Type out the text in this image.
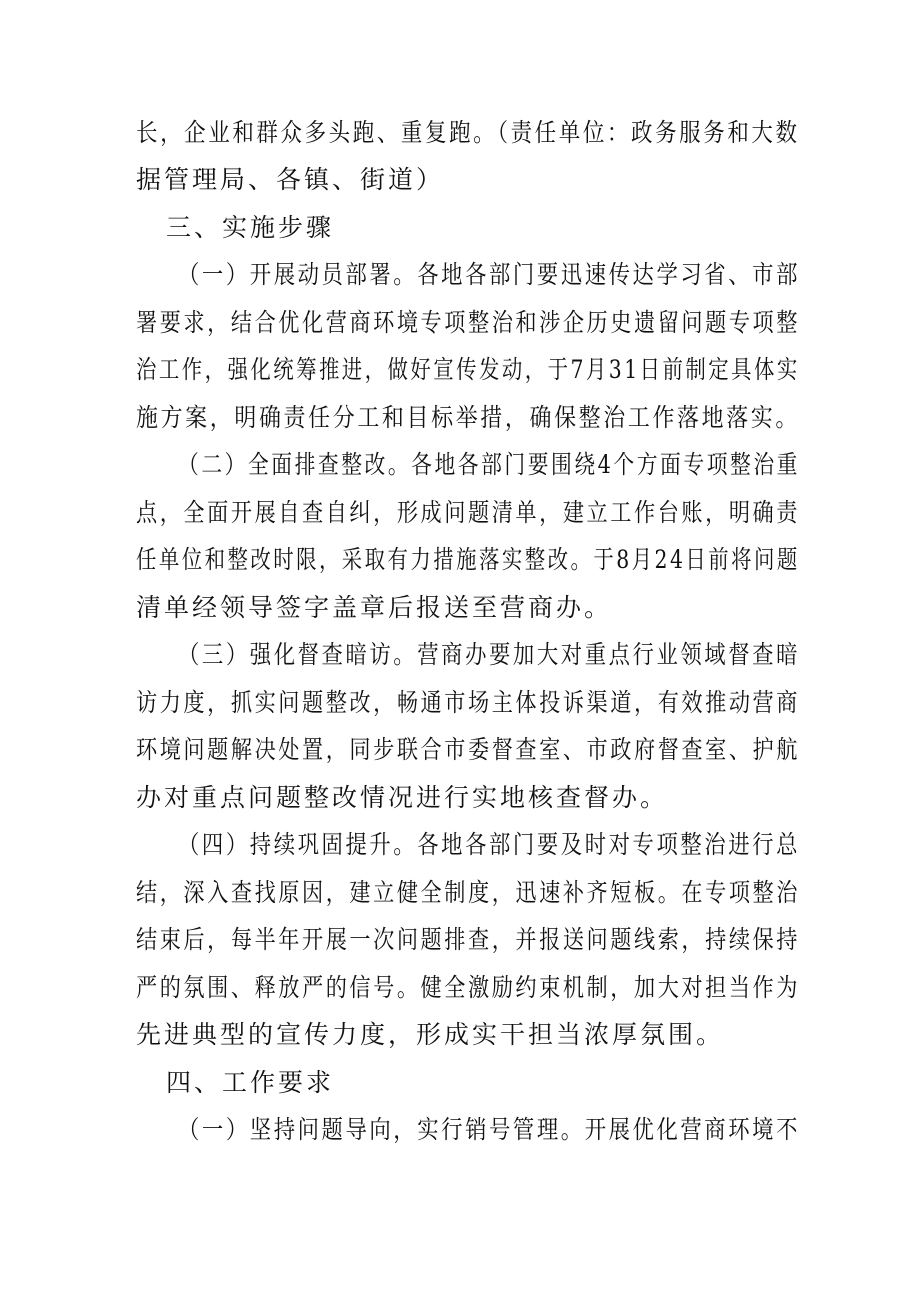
长，企业和群众多头跑、重复跑。（责任单位：政务服务和大数
据管理局、各镇、街道）
三、实施步骤
（一）开展动员部署。各地各部门要迅速传达学习省、市部
署要求，结合优化营商环境专项整治和涉企历史遗留问题专项整
治工作，强化统筹推进，做好宣传发动，于7月31日前制定具体实
施方案，明确责任分工和目标举措，确保整治工作落地落实。
（二）全面排查整改。各地各部门要围绕4个方面专项整治重
点，全面开展自查自纠，形成问题清单，建立工作台账，明确责
任单位和整改时限，采取有力措施落实整改。于8月24日前将问题
清单经领导签字盖章后报送至营商办。
（三）强化督查暗访。营商办要加大对重点行业领域督查暗
访力度，抓实问题整改，畅通市场主体投诉渠道，有效推动营商
环境问题解决处置，同步联合市委督查室、市政府督查室、护航
办对重点问题整改情况进行实地核查督办。
（四）持续巩固提升。各地各部门要及时对专项整治进行总
结，深入查找原因，建立健全制度，迅速补齐短板。在专项整治
结束后，每半年开展一次问题排查，并报送问题线索，持续保持
严的氛围、释放严的信号。健全激励约束机制，加大对担当作为
先进典型的宣传力度，形成实干担当浓厚氛围。
四、工作要求
（一）坚持问题导向，实行销号管理。开展优化营商环境不
